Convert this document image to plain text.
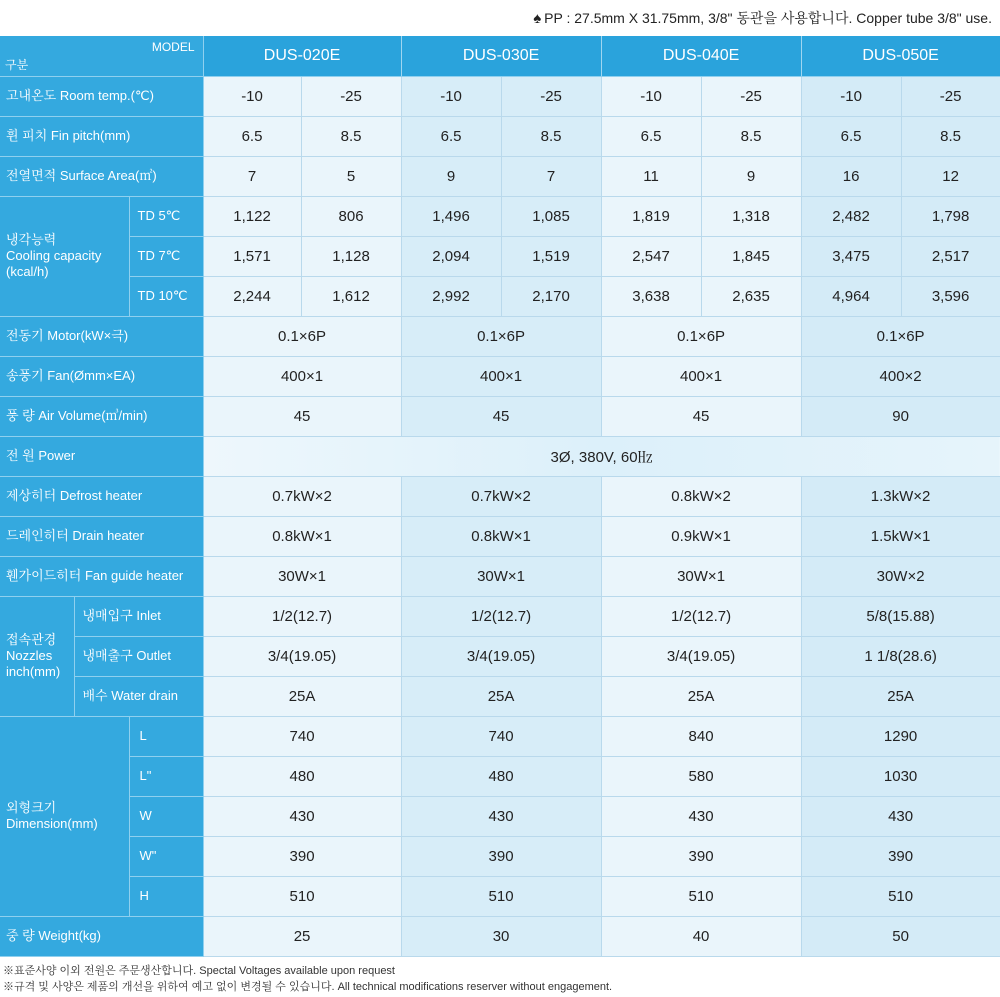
♠ PP : 27.5mm X 31.75mm, 3/8" 동관을 사용합니다. Copper tube 3/8" use.
MODEL
구분			DUS-020E		DUS-030E		DUS-040E		DUS-050E	
고내온도 Room temp.(℃)			-10	-25	-10	-25	-10	-25	-10	-25
휜 피치 Fin pitch(mm)			6.5	8.5	6.5	8.5	6.5	8.5	6.5	8.5
전열면적 Surface Area(㎡)			7	5	9	7	11	9	16	12

냉각능력
Cooling capacity
(kcal/h)		TD 5℃	1,122	806	1,496	1,085	1,819	1,318	2,482	1,798
		TD 7℃	1,571	1,128	2,094	1,519	2,547	1,845	3,475	2,517
		TD 10℃	2,244	1,612	2,992	2,170	3,638	2,635	4,964	3,596
전동기 Motor(kW×극)			0.1×6P		0.1×6P		0.1×6P		0.1×6P	
송풍기 Fan(Ømm×EA)			400×1		400×1		400×1		400×2	
풍 량 Air Volume(㎥/min)			45		45		45		90	
전 원 Power			3Ø, 380V, 60㎐							
제상히터 Defrost heater			0.7kW×2		0.7kW×2		0.8kW×2		1.3kW×2	
드레인히터 Drain heater			0.8kW×1		0.8kW×1		0.9kW×1		1.5kW×1	
휀가이드히터 Fan guide heater			30W×1		30W×1		30W×1		30W×2	

접속관경
Nozzles
inch(mm)	냉매입구 Inlet		1/2(12.7)		1/2(12.7)		1/2(12.7)		5/8(15.88)	
	냉매출구 Outlet		3/4(19.05)		3/4(19.05)		3/4(19.05)		1 1/8(28.6)	
	배수 Water drain		25A		25A		25A		25A	

외형크기
Dimension(mm)		L	740		740		840		1290	
		L"	480		480		580		1030	
		W	430		430		430		430	
		W"	390		390		390		390	
		H	510		510		510		510	
중 량 Weight(kg)			25		30		40		50	
※표준사양 이외 전원은 주문생산합니다. Spectal Voltages available upon request
※규격 및 사양은 제품의 개선을 위하여 예고 없이 변경될 수 있습니다. All technical modifications reserver without engagement.
